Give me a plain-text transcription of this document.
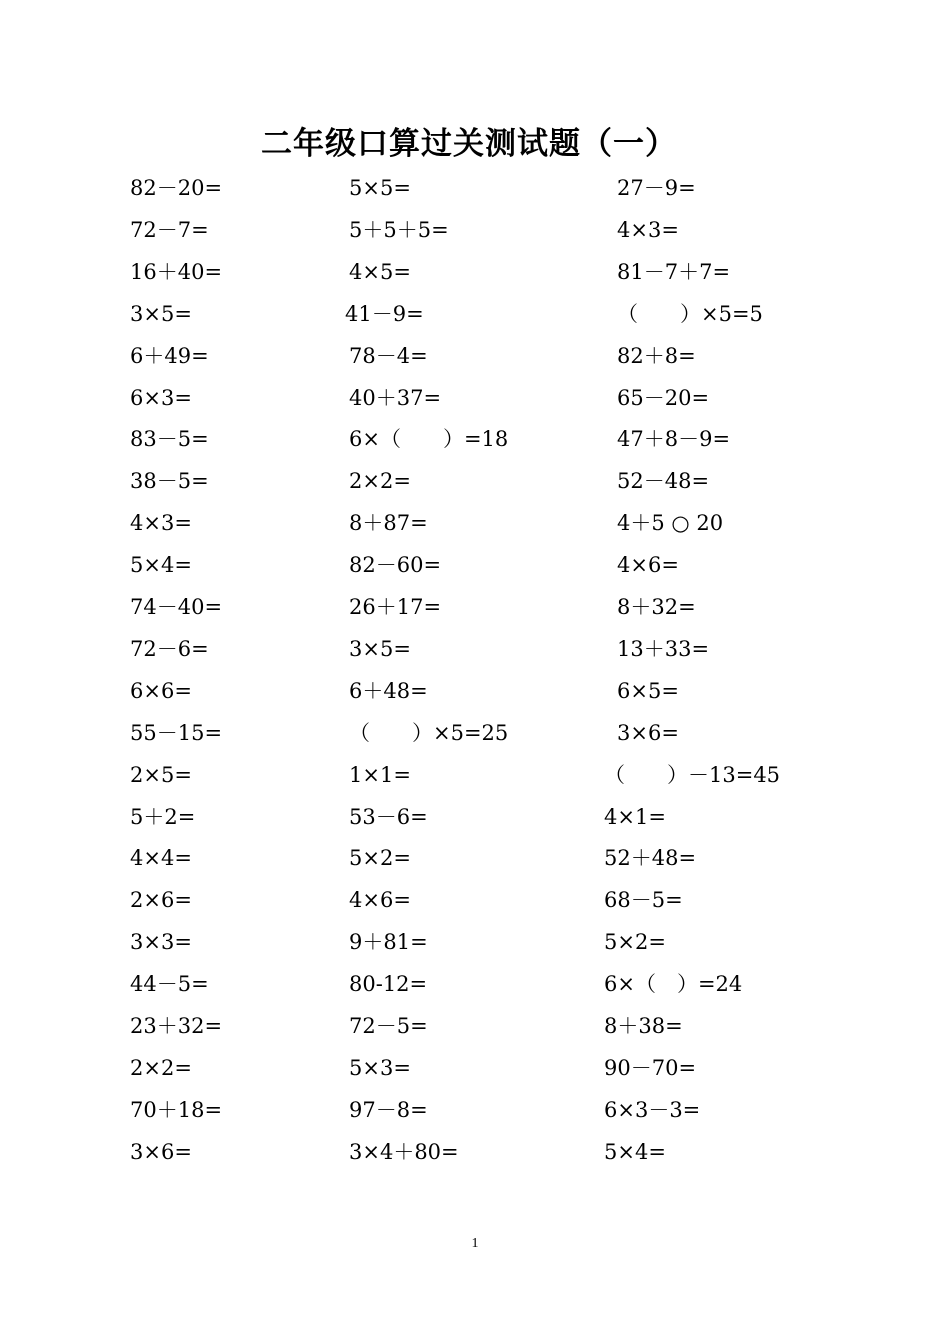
二年级口算过关测试题（一）
82－20=
72－7=
16＋40=
3×5=
6＋49=
6×3=
83－5=
38－5=
4×3=
5×4=
74－40=
72－6=
6×6=
55－15=
2×5=
5＋2=
4×4=
2×6=
3×3=
44－5=
23＋32=
2×2=
70＋18=
3×6=
5×5=
5＋5＋5=
4×5=
41－9=
78－4=
40＋37=
6×（　　）=18
2×2=
8＋87=
82－60=
26＋17=
3×5=
6＋48=
（　　）×5=25
1×1=
53－6=
5×2=
4×6=
9＋81=
80-12=
72－5=
5×3=
97－8=
3×4＋80=
27－9=
4×3=
81－7＋7=
（　　）×5=5
82＋8=
65－20=
47＋8－9=
52－48=
4＋5 ○ 20
4×6=
8＋32=
13＋33=
6×5=
3×6=
（　　）－13=45
4×1=
52＋48=
68－5=
5×2=
6×（　）=24
8＋38=
90－70=
6×3－3=
5×4=
1
